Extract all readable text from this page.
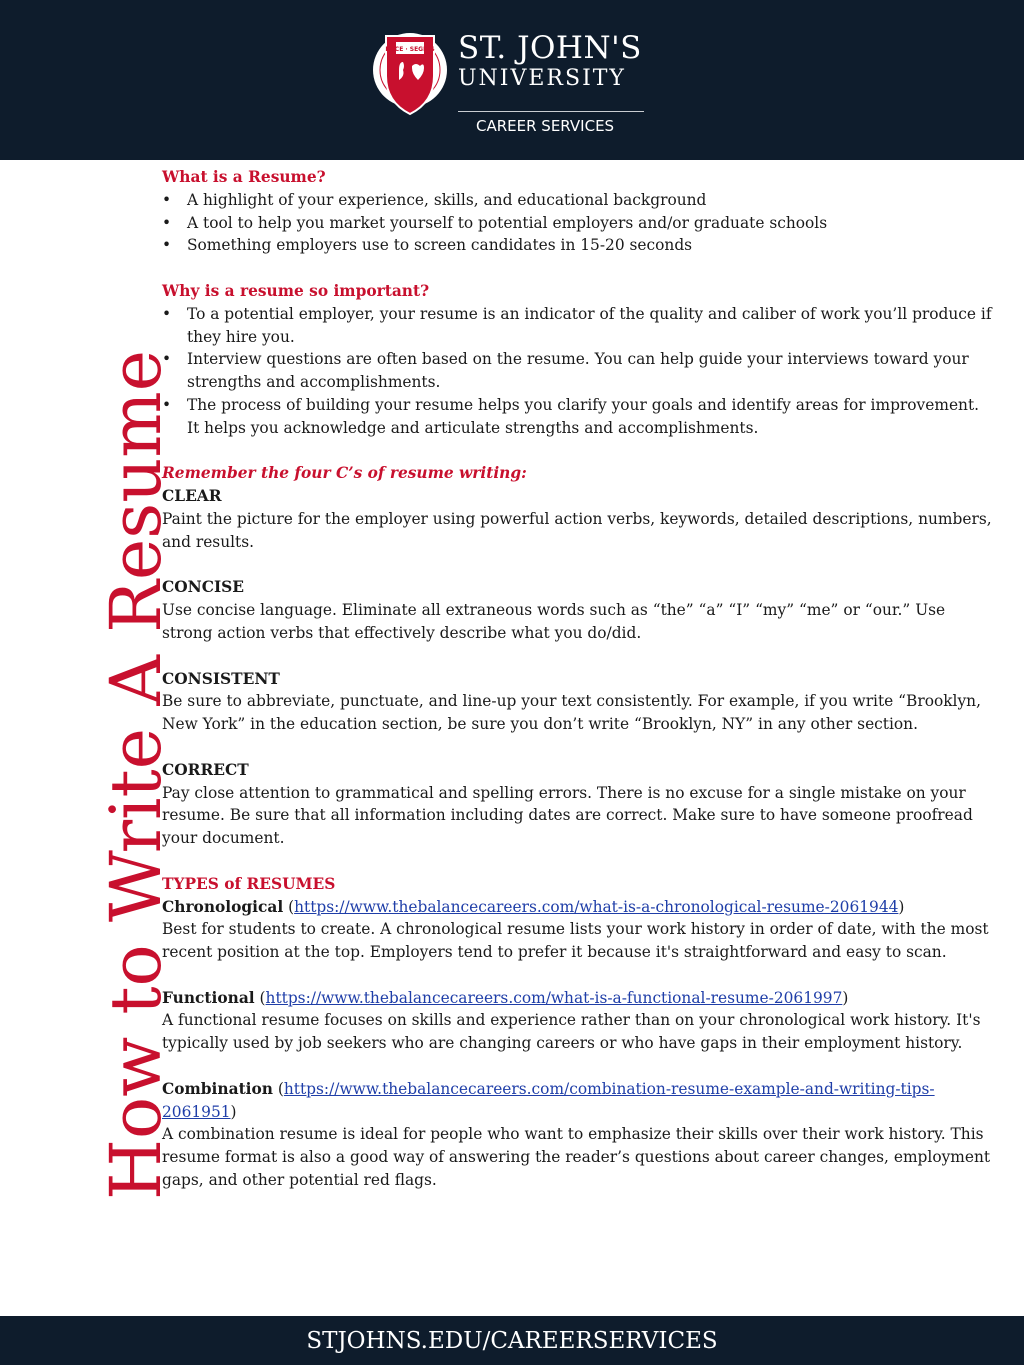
RUCE · SEGNIS ST. JOHN'S
UNIVERSITY
CAREER SERVICES
How to Write A Resume

What is a Resume?

• A highlight of your experience, skills, and educational background
• A tool to help you market yourself to potential employers and/or graduate schools
• Something employers use to screen candidates in 15-20 seconds

Why is a resume so important?

• To a potential employer, your resume is an indicator of the quality and caliber of work you’ll produce if they hire you.
• Interview questions are often based on the resume. You can help guide your interviews toward your strengths and accomplishments.
• The process of building your resume helps you clarify your goals and identify areas for improvement. It helps you acknowledge and articulate strengths and accomplishments.

Remember the four C’s of resume writing:

CLEAR

Paint the picture for the employer using powerful action verbs, keywords, detailed descriptions, numbers, and results.

CONCISE

Use concise language. Eliminate all extraneous words such as “the” “a” “I” “my” “me” or “our.” Use strong action verbs that effectively describe what you do/did.

CONSISTENT

Be sure to abbreviate, punctuate, and line-up your text consistently. For example, if you write “Brooklyn, New York” in the education section, be sure you don’t write “Brooklyn, NY” in any other section.

CORRECT

Pay close attention to grammatical and spelling errors. There is no excuse for a single mistake on your resume. Be sure that all information including dates are correct. Make sure to have someone proofread your document.

TYPES of RESUMES

Chronological (https://www.thebalancecareers.com/what-is-a-chronological-resume-2061944)

Best for students to create. A chronological resume lists your work history in order of date, with the most recent position at the top. Employers tend to prefer it because it's straightforward and easy to scan.

Functional (https://www.thebalancecareers.com/what-is-a-functional-resume-2061997)

A functional resume focuses on skills and experience rather than on your chronological work history. It's typically used by job seekers who are changing careers or who have gaps in their employment history.

Combination (https://www.thebalancecareers.com/combination-resume-example-and-writing-tips-2061951)

A combination resume is ideal for people who want to emphasize their skills over their work history. This resume format is also a good way of answering the reader’s questions about career changes, employment gaps, and other potential red flags.

STJOHNS.EDU/CAREERSERVICES
